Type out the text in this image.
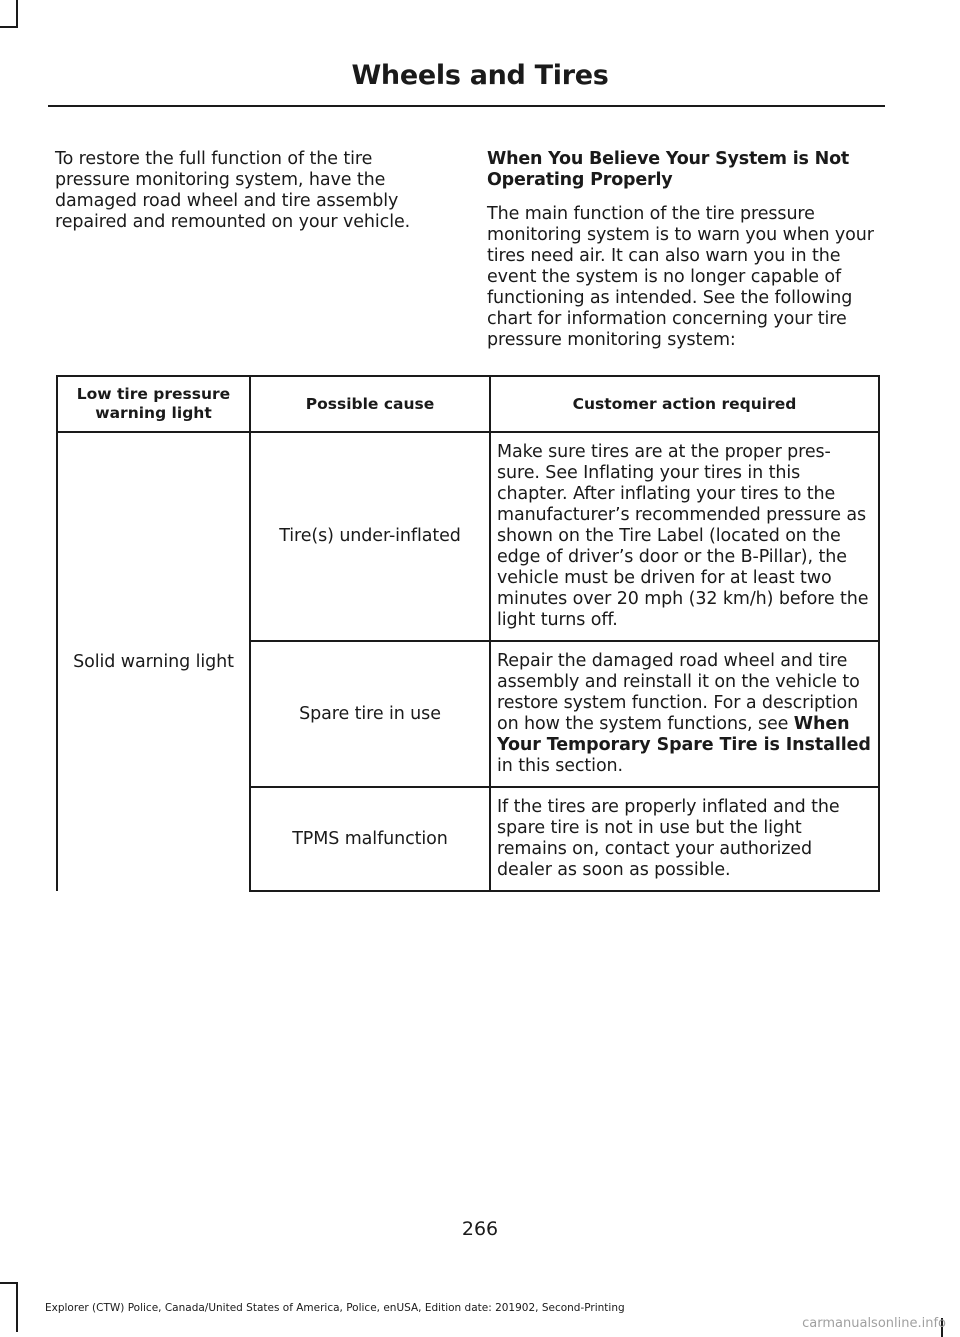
Wheels and Tires

To restore the full function of the tire pressure monitoring system, have the damaged road wheel and tire assembly repaired and remounted on your vehicle.

When You Believe Your System is Not Operating Properly

The main function of the tire pressure monitoring system is to warn you when your tires need air. It can also warn you in the event the system is no longer capable of functioning as intended. See the following chart for information concerning your tire pressure monitoring system:

Low tire pressure warning light	Possible cause	Customer action required
Solid warning light	Tire(s) under-inflated	Make sure tires are at the proper pres-sure. See Inflating your tires in this chapter. After inflating your tires to the manufacturer’s recommended pressure as shown on the Tire Label (located on the edge of driver’s door or the B-Pillar), the vehicle must be driven for at least two minutes over 20 mph (32 km/h) before the light turns off.
	Spare tire in use	Repair the damaged road wheel and tire assembly and reinstall it on the vehicle to restore system function. For a description on how the system functions, see When Your Temporary Spare Tire is Installed in this section.
	TPMS malfunction	If the tires are properly inflated and the spare tire is not in use but the light remains on, contact your authorized dealer as soon as possible.
266
Explorer (CTW) Police, Canada/United States of America, Police, enUSA, Edition date: 201902, Second-Printing
carmanualsonline.info
